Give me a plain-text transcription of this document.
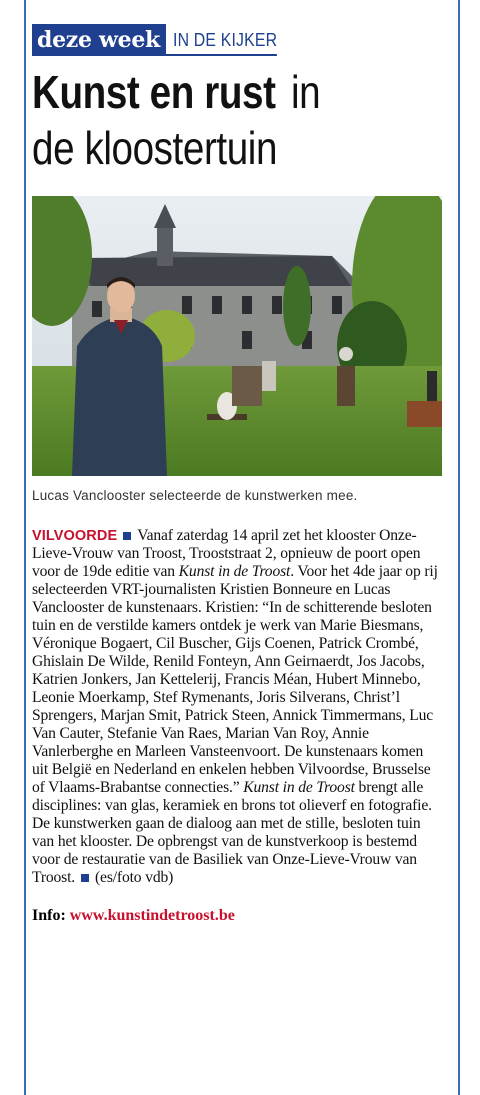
deze week IN DE KIJKER
Kunst en rust in
de kloostertuin
Lucas Vanclooster selecteerde de kunstwerken mee.

VILVOORDE Vanaf zaterdag 14 april zet het klooster Onze-Lieve-Vrouw van Troost, Trooststraat 2, opnieuw de poort open voor de 19de editie van Kunst in de Troost. Voor het 4de jaar op rij selecteerden VRT-journalisten Kristien Bonneure en Lucas Vanclooster de kunstenaars. Kristien: “In de schitterende besloten tuin en de verstilde kamers ontdek je werk van Marie Biesmans, Véronique Bogaert, Cil Buscher, Gijs Coenen, Patrick Crombé, Ghislain De Wilde, Renild Fonteyn, Ann Geirnaerdt, Jos Jacobs, Katrien Jonkers, Jan Kettelerij, Francis Méan, Hubert Minnebo, Leonie Moerkamp, Stef Rymenants, Joris Silverans, Christ’l Sprengers, Marjan Smit, Patrick Steen, Annick Timmermans, Luc Van Cauter, Stefanie Van Raes, Marian Van Roy, Annie Vanlerberghe en Marleen Vansteenvoort. De kunstenaars komen uit België en Nederland en enkelen hebben Vilvoordse, Brusselse of Vlaams-Brabantse connecties.” Kunst in de Troost brengt alle disciplines: van glas, keramiek en brons tot olieverf en fotografie. De kunstwerken gaan de dialoog aan met de stille, besloten tuin van het klooster. De opbrengst van de kunstverkoop is bestemd voor de restauratie van de Basiliek van Onze-Lieve-Vrouw van Troost. (es/foto vdb)

Info: www.kunstindetroost.be
